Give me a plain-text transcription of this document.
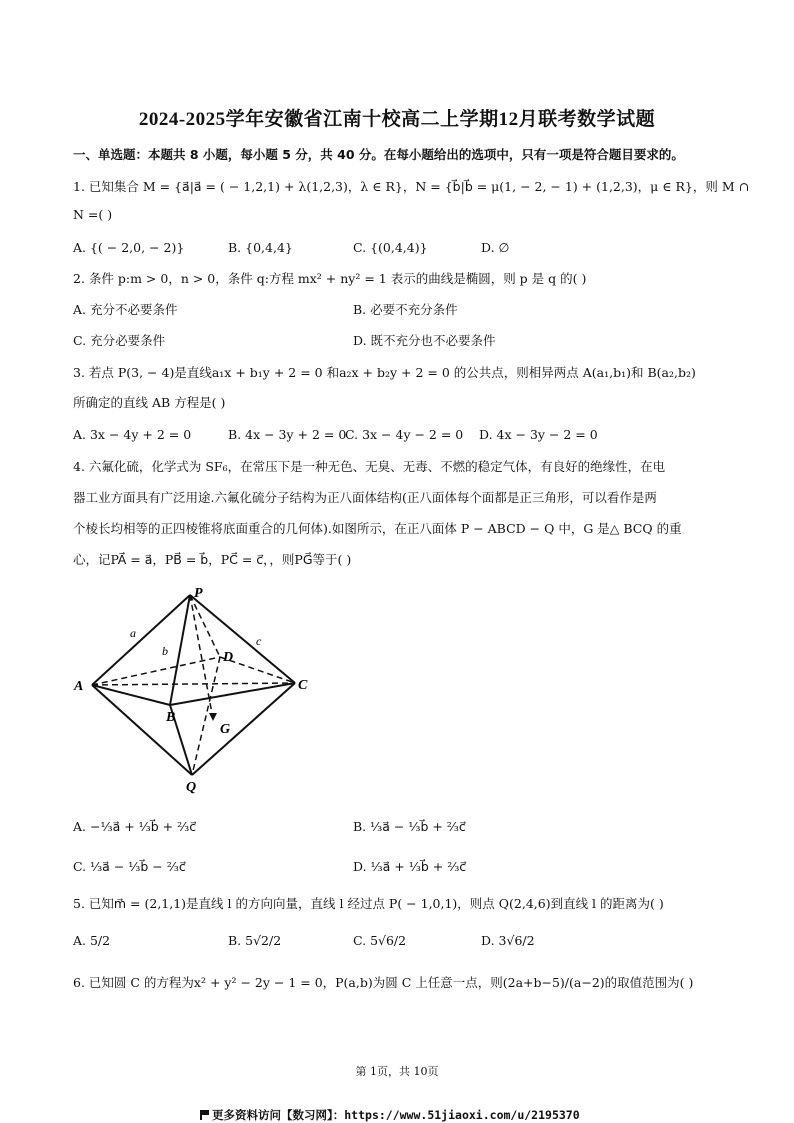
2024-2025学年安徽省江南十校高二上学期12月联考数学试题
一、单选题：本题共 8 小题，每小题 5 分，共 40 分。在每小题给出的选项中，只有一项是符合题目要求的。
1. 已知集合 M = {a⃗|a⃗ = ( − 1,2,1) + λ(1,2,3)，λ ∈ R}，N = {b⃗|b⃗ = μ(1, − 2, − 1) + (1,2,3)，μ ∈ R}，则 M ∩
N =( )
A. {( − 2,0, − 2)}	B. {0,4,4}	C. {(0,4,4)}	D. ∅
2. 条件 p:m > 0，n > 0，条件 q:方程 mx² + ny² = 1 表示的曲线是椭圆，则 p 是 q 的( )
A. 充分不必要条件	B. 必要不充分条件
C. 充分必要条件	D. 既不充分也不必要条件
3. 若点 P(3, − 4)是直线a₁x + b₁y + 2 = 0 和a₂x + b₂y + 2 = 0 的公共点，则相异两点 A(a₁,b₁)和 B(a₂,b₂)
所确定的直线 AB 方程是( )
A. 3x − 4y + 2 = 0	B. 4x − 3y + 2 = 0
C. 3x − 4y − 2 = 0 D. 4x − 3y − 2 = 0
4. 六氟化硫，化学式为 SF₆，在常压下是一种无色、无臭、无毒、不燃的稳定气体，有良好的绝缘性，在电
器工业方面具有广泛用途.六氟化硫分子结构为正八面体结构(正八面体每个面都是正三角形，可以看作是两
个棱长均相等的正四棱锥将底面重合的几何体).如图所示，在正八面体 P − ABCD − Q 中，G 是△ BCQ 的重
心，记PA⃗ = a⃗，PB⃗ = b⃗，PC⃗ = c⃗，，则PG⃗等于( )
P
A
B
C
D
Q
G
a⃗
b⃗
c⃗
A. −⅓a⃗ + ⅓b⃗ + ⅔c⃗	B. ⅓a⃗ − ⅓b⃗ + ⅔c⃗
C. ⅓a⃗ − ⅓b⃗ − ⅔c⃗	D. ⅓a⃗ + ⅓b⃗ + ⅔c⃗
5. 已知m⃗ = (2,1,1)是直线 l 的方向向量，直线 l 经过点 P( − 1,0,1)，则点 Q(2,4,6)到直线 l 的距离为( )
A. 5/2	B. 5√2/2	C. 5√6/2	D. 3√6/2
6. 已知圆 C 的方程为x² + y² − 2y − 1 = 0，P(a,b)为圆 C 上任意一点，则(2a+b−5)/(a−2)的取值范围为( )
第 1页，共 10页
更多资料访问【数习网】：https://www.51jiaoxi.com/u/2195370
